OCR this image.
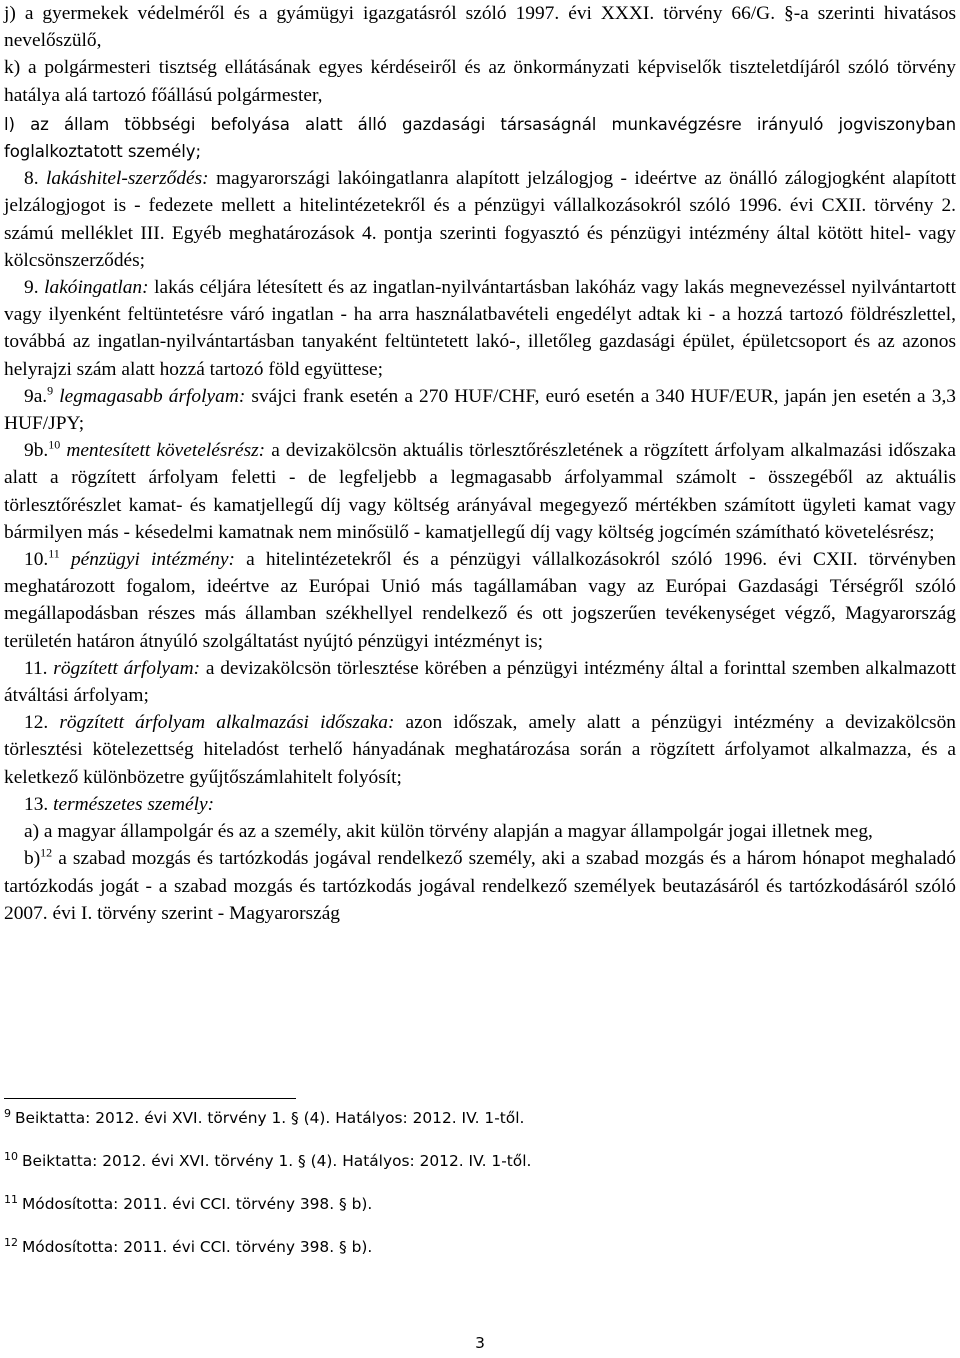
j) a gyermekek védelméről és a gyámügyi igazgatásról szóló 1997. évi XXXI. törvény 66/G. §-a szerinti hivatásos nevelőszülő,

k) a polgármesteri tisztség ellátásának egyes kérdéseiről és az önkormányzati képviselők tiszteletdíjáról szóló törvény hatálya alá tartozó főállású polgármester,

l) az állam többségi befolyása alatt álló gazdasági társaságnál munkavégzésre irányuló jogviszonyban foglalkoztatott személy;

8. lakáshitel-szerződés: magyarországi lakóingatlanra alapított jelzálogjog - ideértve az önálló zálogjogként alapított jelzálogjogot is - fedezete mellett a hitelintézetekről és a pénzügyi vállalkozásokról szóló 1996. évi CXII. törvény 2. számú melléklet III. Egyéb meghatározások 4. pontja szerinti fogyasztó és pénzügyi intézmény által kötött hitel- vagy kölcsönszerződés;

9. lakóingatlan: lakás céljára létesített és az ingatlan-nyilvántartásban lakóház vagy lakás megnevezéssel nyilvántartott vagy ilyenként feltüntetésre váró ingatlan - ha arra használatbavételi engedélyt adtak ki - a hozzá tartozó földrészlettel, továbbá az ingatlan-nyilvántartásban tanyaként feltüntetett lakó-, illetőleg gazdasági épület, épületcsoport és az azonos helyrajzi szám alatt hozzá tartozó föld együttese;

9a.$^9$ legmagasabb árfolyam: svájci frank esetén a 270 HUF/CHF, euró esetén a 340 HUF/EUR, japán jen esetén a 3,3 HUF/JPY;

9b.$^{10}$ mentesített követelésrész: a devizakölcsön aktuális törlesztőrészletének a rögzített árfolyam alkalmazási időszaka alatt a rögzített árfolyam feletti - de legfeljebb a legmagasabb árfolyammal számolt - összegéből az aktuális törlesztőrészlet kamat- és kamatjellegű díj vagy költség arányával megegyező mértékben számított ügyleti kamat vagy bármilyen más - késedelmi kamatnak nem minősülő - kamatjellegű díj vagy költség jogcímén számítható követelésrész;

10.11 pénzügyi intézmény: a hitelintézetekről és a pénzügyi vállalkozásokról szóló 1996. évi CXII. törvényben meghatározott fogalom, ideértve az Európai Unió más tagállamában vagy az Európai Gazdasági Térségről szóló megállapodásban részes más államban székhellyel rendelkező és ott jogszerűen tevékenységet végző, Magyarország területén határon átnyúló szolgáltatást nyújtó pénzügyi intézményt is;

11. rögzített árfolyam: a devizakölcsön törlesztése körében a pénzügyi intézmény által a forinttal szemben alkalmazott átváltási árfolyam;

12. rögzített árfolyam alkalmazási időszaka: azon időszak, amely alatt a pénzügyi intézmény a devizakölcsön törlesztési kötelezettség hiteladóst terhelő hányadának meghatározása során a rögzített árfolyamot alkalmazza, és a keletkező különbözetre gyűjtőszámlahitelt folyósít;

13. természetes személy:

a) a magyar állampolgár és az a személy, akit külön törvény alapján a magyar állampolgár jogai illetnek meg,

b)$^{12}$ a szabad mozgás és tartózkodás jogával rendelkező személy, aki a szabad mozgás és a három hónapot meghaladó tartózkodás jogát - a szabad mozgás és tartózkodás jogával rendelkező személyek beutazásáról és tartózkodásáról szóló 2007. évi I. törvény szerint - Magyarország

$^9$ Beiktatta: 2012. évi XVI. törvény 1. § (4). Hatályos: 2012. IV. 1-től.

$^{10}$ Beiktatta: 2012. évi XVI. törvény 1. § (4). Hatályos: 2012. IV. 1-től.

$^{11}$ Módosította: 2011. évi CCI. törvény 398. § b).

$^{12}$ Módosította: 2011. évi CCI. törvény 398. § b).

3
